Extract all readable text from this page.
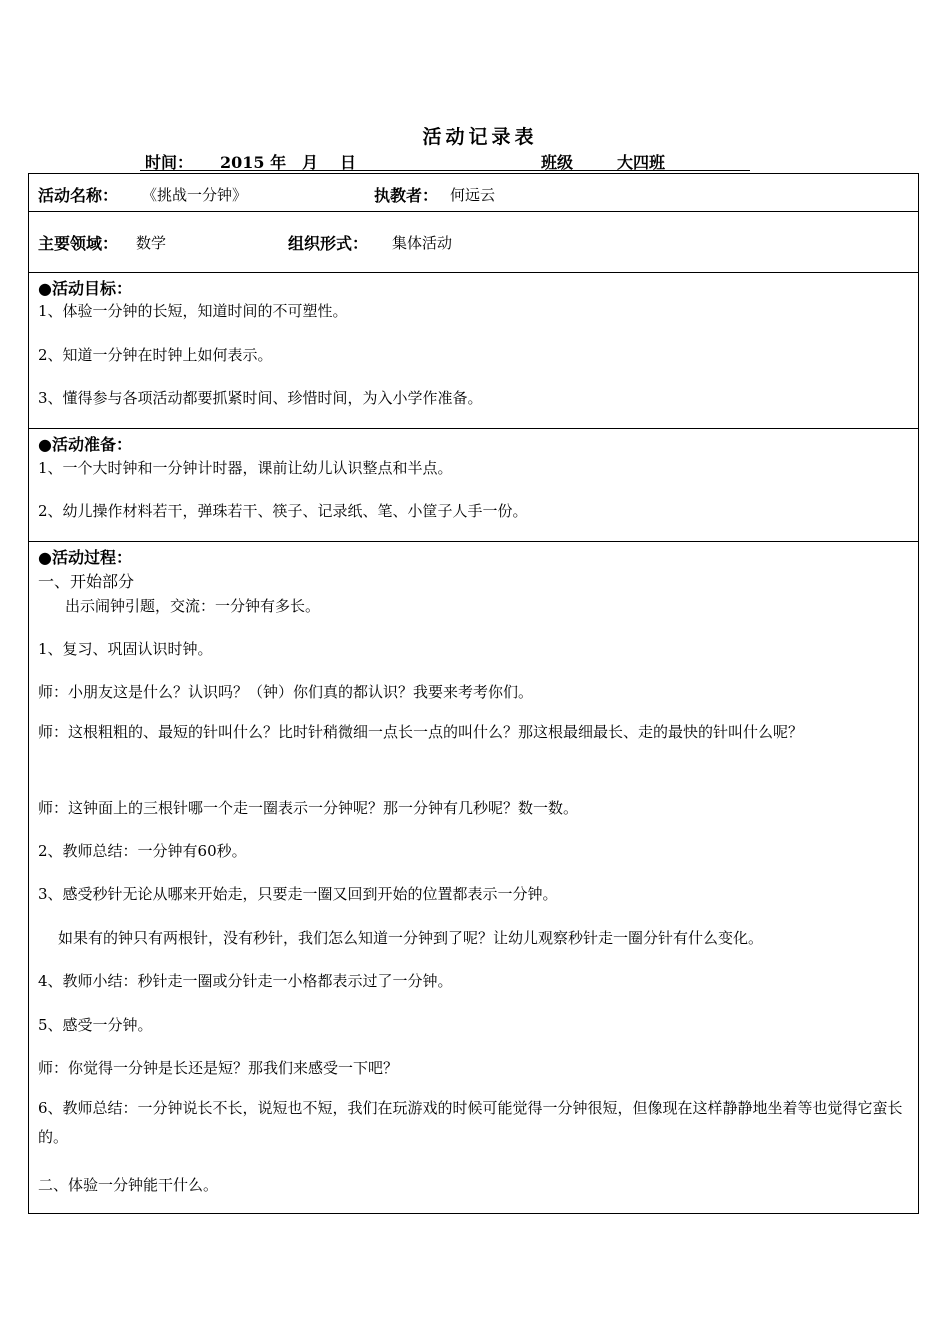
活动记录表
时间： 2015 年 月 日	班级	大四班
活动名称： 《挑战一分钟》	执教者： 何远云
主要领域： 数学	组织形式： 集体活动
●活动目标：
1、体验一分钟的长短，知道时间的不可塑性。
2、知道一分钟在时钟上如何表示。
3、懂得参与各项活动都要抓紧时间、珍惜时间，为入小学作准备。
●活动准备：
1、一个大时钟和一分钟计时器，课前让幼儿认识整点和半点。
2、幼儿操作材料若干，弹珠若干、筷子、记录纸、笔、小筐子人手一份。
●活动过程：
一、开始部分
出示闹钟引题，交流：一分钟有多长。
1、复习、巩固认识时钟。
师：小朋友这是什么？认识吗？（钟）你们真的都认识？我要来考考你们。
师：这根粗粗的、最短的针叫什么？比时针稍微细一点长一点的叫什么？那这根最细最长、走的最快的针叫什么呢？
师：这钟面上的三根针哪一个走一圈表示一分钟呢？那一分钟有几秒呢？数一数。
2、教师总结：一分钟有60秒。
3、感受秒针无论从哪来开始走，只要走一圈又回到开始的位置都表示一分钟。
如果有的钟只有两根针，没有秒针，我们怎么知道一分钟到了呢？让幼儿观察秒针走一圈分针有什么变化。
4、教师小结：秒针走一圈或分针走一小格都表示过了一分钟。
5、感受一分钟。
师：你觉得一分钟是长还是短？那我们来感受一下吧？
6、教师总结：一分钟说长不长，说短也不短，我们在玩游戏的时候可能觉得一分钟很短，但像现在这样静静地坐着等也觉得它蛮长的。
二、体验一分钟能干什么。
